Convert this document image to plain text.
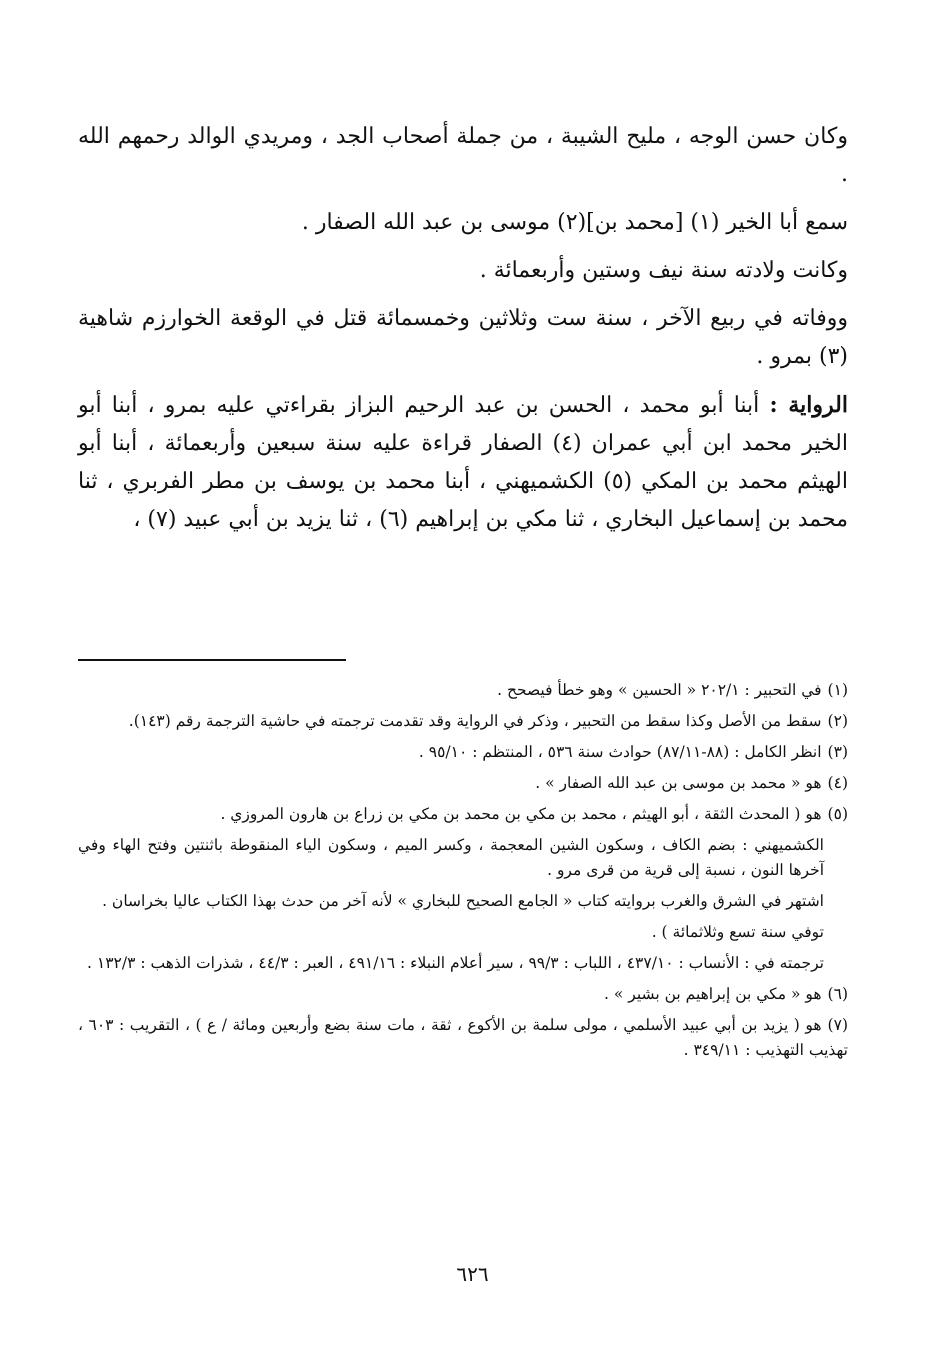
وكان حسن الوجه ، مليح الشيبة ، من جملة أصحاب الجد ، ومريدي الوالد رحمهم الله .

سمع أبا الخير (١) [محمد بن](٢) موسى بن عبد الله الصفار .

وكانت ولادته سنة نيف وستين وأربعمائة .

ووفاته في ربيع الآخر ، سنة ست وثلاثين وخمسمائة قتل في الوقعة الخوارزم شاهية (٣) بمرو .

الرواية : أبنا أبو محمد ، الحسن بن عبد الرحيم البزاز بقراءتي عليه بمرو ، أبنا أبو الخير محمد ابن أبي عمران (٤) الصفار قراءة عليه سنة سبعين وأربعمائة ، أبنا أبو الهيثم محمد بن المكي (٥) الكشميهني ، أبنا محمد بن يوسف بن مطر الفربري ، ثنا محمد بن إسماعيل البخاري ، ثنا مكي بن إبراهيم (٦) ، ثنا يزيد بن أبي عبيد (٧) ،

(١)في التحبير : ٢٠٢/١ « الحسين » وهو خطأ فيصحح .

(٢)سقط من الأصل وكذا سقط من التحبير ، وذكر في الرواية وقد تقدمت ترجمته في حاشية الترجمة رقم (١٤٣).

(٣)انظر الكامل : (٨٨-٨٧/١١) حوادث سنة ٥٣٦ ، المنتظم : ٩٥/١٠ .

(٤)هو « محمد بن موسى بن عبد الله الصفار » .

(٥)هو ( المحدث الثقة ، أبو الهيثم ، محمد بن مكي بن محمد بن مكي بن زراع بن هارون المروزي .

الكشميهني : بضم الكاف ، وسكون الشين المعجمة ، وكسر الميم ، وسكون الياء المنقوطة باثنتين وفتح الهاء وفي آخرها النون ، نسبة إلى قرية من قرى مرو .

اشتهر في الشرق والغرب بروايته كتاب « الجامع الصحيح للبخاري » لأنه آخر من حدث بهذا الكتاب عاليا بخراسان .

توفي سنة تسع وثلاثمائة ) .

ترجمته في : الأنساب : ٤٣٧/١٠ ، اللباب : ٩٩/٣ ، سير أعلام النبلاء : ٤٩١/١٦ ، العبر : ٤٤/٣ ، شذرات الذهب : ١٣٢/٣ .

(٦)هو « مكي بن إبراهيم بن بشير » .

(٧)هو ( يزيد بن أبي عبيد الأسلمي ، مولى سلمة بن الأكوع ، ثقة ، مات سنة بضع وأربعين ومائة / ع ) ، التقريب : ٦٠٣ ، تهذيب التهذيب : ٣٤٩/١١ .

٦٢٦
